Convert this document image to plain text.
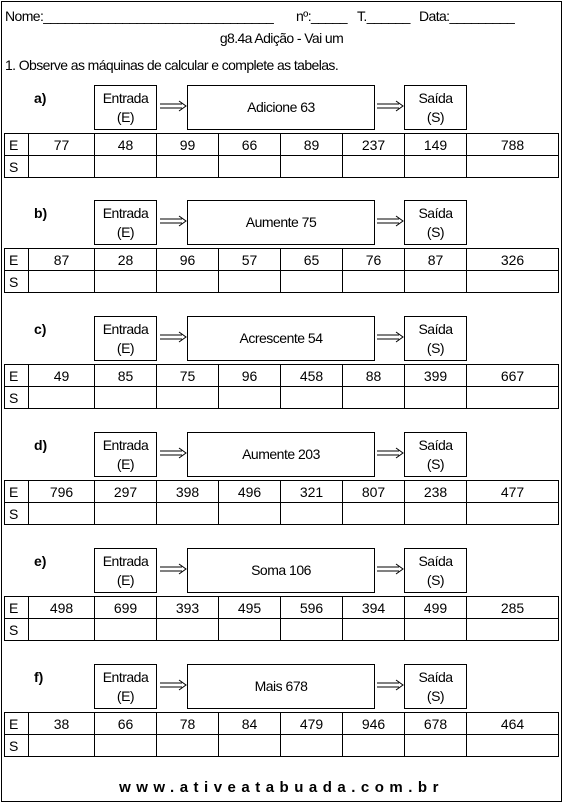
Nome:________________________________ nº:_____ T.______ Data:_________
g8.4a Adição - Vai um
1. Observe as máquinas de calcular e complete as tabelas.
a)	Entrada
(E)
Adicione 63
Saída
(S)
E	77	48	99	66	89	237	149	788
S								
b)	Entrada
(E)
Aumente 75
Saída
(S)
E	87	28	96	57	65	76	87	326
S								
c)	Entrada
(E)
Acrescente 54
Saída
(S)
E	49	85	75	96	458	88	399	667
S								
d)	Entrada
(E)
Aumente 203
Saída
(S)
E	796	297	398	496	321	807	238	477
S								
e)	Entrada
(E)
Soma 106
Saída
(S)
E	498	699	393	495	596	394	499	285
S								
f)	Entrada
(E)
Mais 678
Saída
(S)
E	38	66	78	84	479	946	678	464
S								
www.ativeatabuada.com.br
